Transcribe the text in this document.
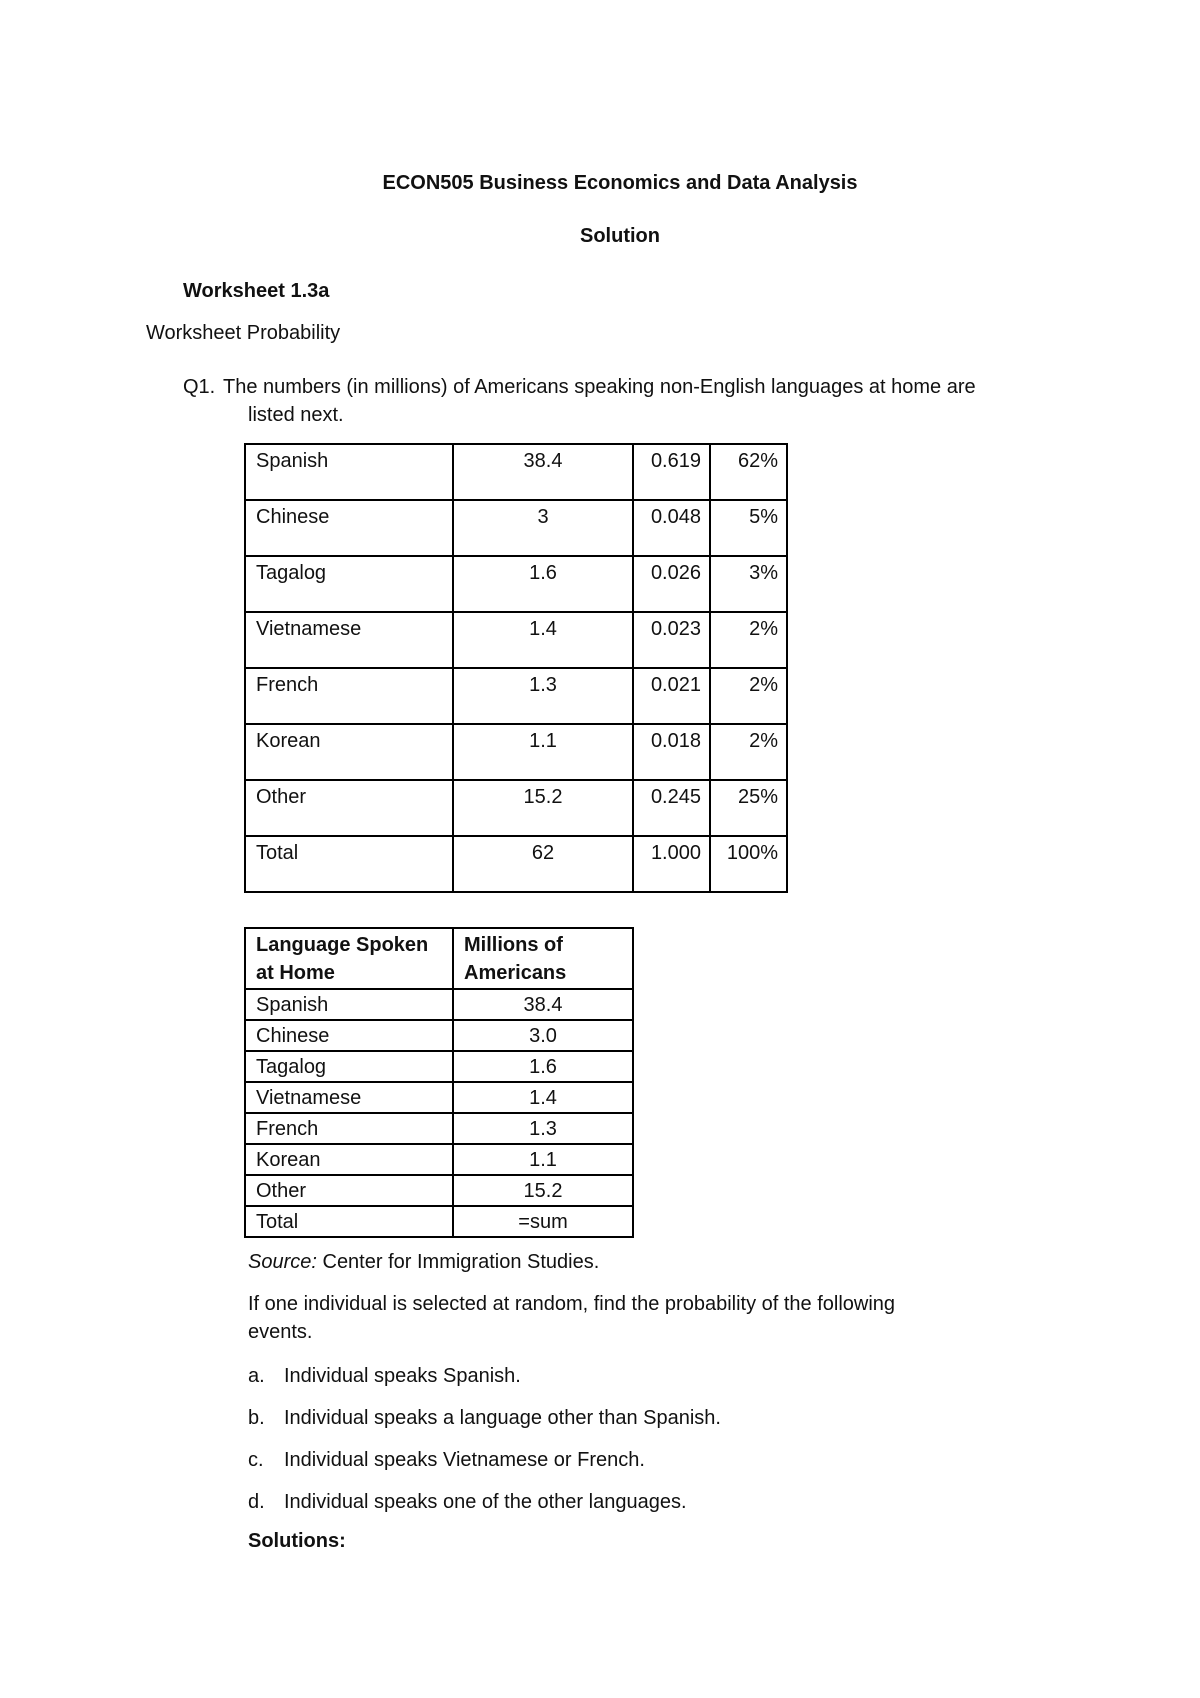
ECON505 Business Economics and Data Analysis
Solution
Worksheet 1.3a
Worksheet Probability
Q1. The numbers (in millions) of Americans speaking non-English languages at home are
listed next.
Spanish	38.4	0.619	62%
Chinese	3	0.048	5%
Tagalog	1.6	0.026	3%
Vietnamese	1.4	0.023	2%
French	1.3	0.021	2%
Korean	1.1	0.018	2%
Other	15.2	0.245	25%
Total	62	1.000	100%
Language Spoken at Home	Millions of Americans
Spanish	38.4
Chinese	3.0
Tagalog	1.6
Vietnamese	1.4
French	1.3
Korean	1.1
Other	15.2
Total	=sum
Source: Center for Immigration Studies.
If one individual is selected at random, find the probability of the following
events.
a. Individual speaks Spanish.
b. Individual speaks a language other than Spanish.
c. Individual speaks Vietnamese or French.
d. Individual speaks one of the other languages.
Solutions:
